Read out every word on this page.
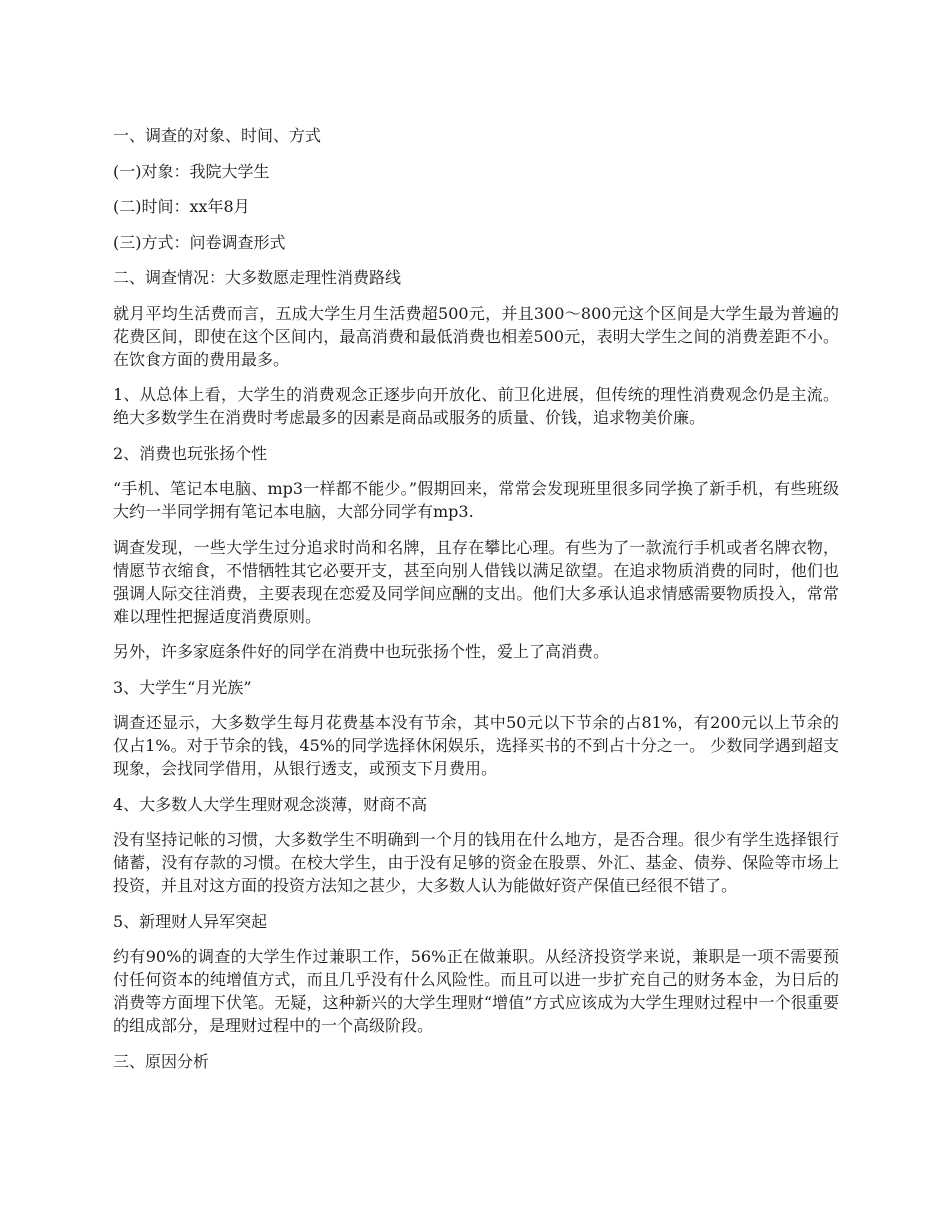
一、调查的对象、时间、方式

(一)对象：我院大学生

(二)时间：xx年8月

(三)方式：问卷调查形式

二、调查情况：大多数愿走理性消费路线

就月平均生活费而言，五成大学生月生活费超500元，并且300～800元这个区间是大学生最为普遍的花费区间，即使在这个区间内，最高消费和最低消费也相差500元，表明大学生之间的消费差距不小。在饮食方面的费用最多。

1、从总体上看，大学生的消费观念正逐步向开放化、前卫化进展，但传统的理性消费观念仍是主流。绝大多数学生在消费时考虑最多的因素是商品或服务的质量、价钱，追求物美价廉。

2、消费也玩张扬个性

“手机、笔记本电脑、mp3一样都不能少。”假期回来，常常会发现班里很多同学换了新手机，有些班级大约一半同学拥有笔记本电脑，大部分同学有mp3.

调查发现，一些大学生过分追求时尚和名牌，且存在攀比心理。有些为了一款流行手机或者名牌衣物，情愿节衣缩食，不惜牺牲其它必要开支，甚至向别人借钱以满足欲望。在追求物质消费的同时，他们也强调人际交往消费，主要表现在恋爱及同学间应酬的支出。他们大多承认追求情感需要物质投入，常常难以理性把握适度消费原则。

另外，许多家庭条件好的同学在消费中也玩张扬个性，爱上了高消费。

3、大学生“月光族”

调查还显示，大多数学生每月花费基本没有节余，其中50元以下节余的占81%，有200元以上节余的仅占1%。对于节余的钱，45%的同学选择休闲娱乐，选择买书的不到占十分之一。 少数同学遇到超支现象，会找同学借用，从银行透支，或预支下月费用。

4、大多数人大学生理财观念淡薄，财商不高

没有坚持记帐的习惯，大多数学生不明确到一个月的钱用在什么地方，是否合理。很少有学生选择银行储蓄，没有存款的习惯。在校大学生，由于没有足够的资金在股票、外汇、基金、债券、保险等市场上投资，并且对这方面的投资方法知之甚少，大多数人认为能做好资产保值已经很不错了。

5、新理财人异军突起

约有90%的调查的大学生作过兼职工作，56%正在做兼职。从经济投资学来说，兼职是一项不需要预付任何资本的纯增值方式，而且几乎没有什么风险性。而且可以进一步扩充自己的财务本金，为日后的消费等方面埋下伏笔。无疑，这种新兴的大学生理财“增值”方式应该成为大学生理财过程中一个很重要的组成部分，是理财过程中的一个高级阶段。

三、原因分析
